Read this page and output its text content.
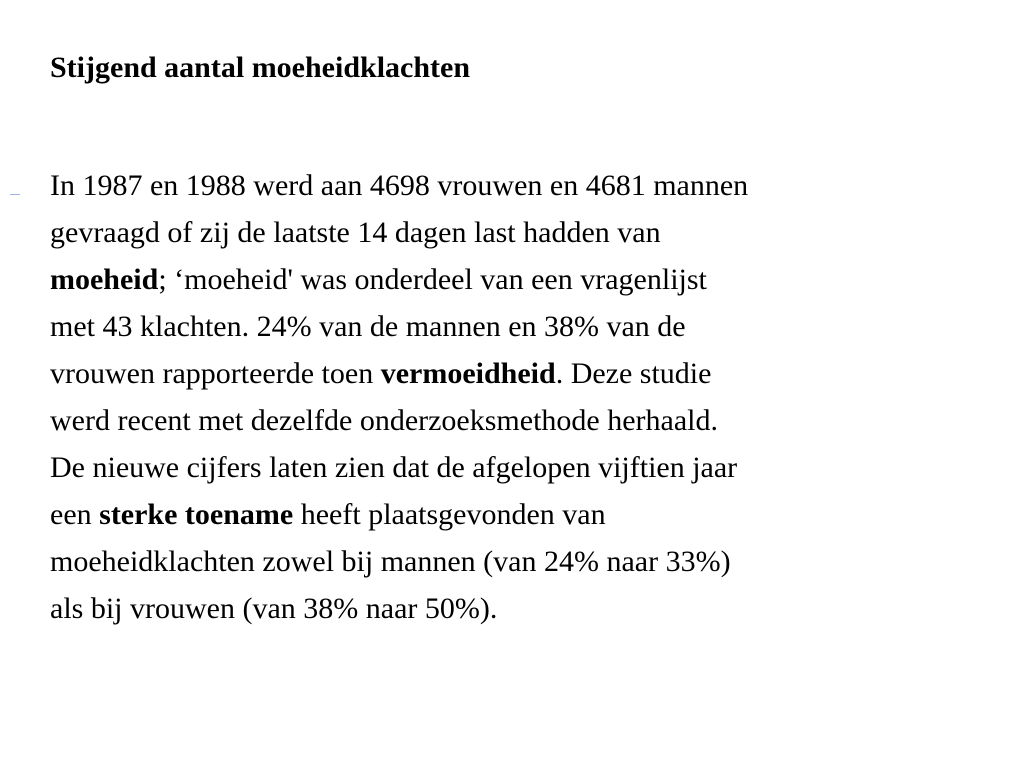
Stijgend aantal moeheidklachten

In 1987 en 1988 werd aan 4698 vrouwen en 4681 mannen
gevraagd of zij de laatste 14 dagen last hadden van
moeheid; ‘moeheid' was onderdeel van een vragenlijst
met 43 klachten. 24% van de mannen en 38% van de
vrouwen rapporteerde toen vermoeidheid. Deze studie
werd recent met dezelfde onderzoeksmethode herhaald.
De nieuwe cijfers laten zien dat de afgelopen vijftien jaar
een sterke toename heeft plaatsgevonden van
moeheidklachten zowel bij mannen (van 24% naar 33%)
als bij vrouwen (van 38% naar 50%).
